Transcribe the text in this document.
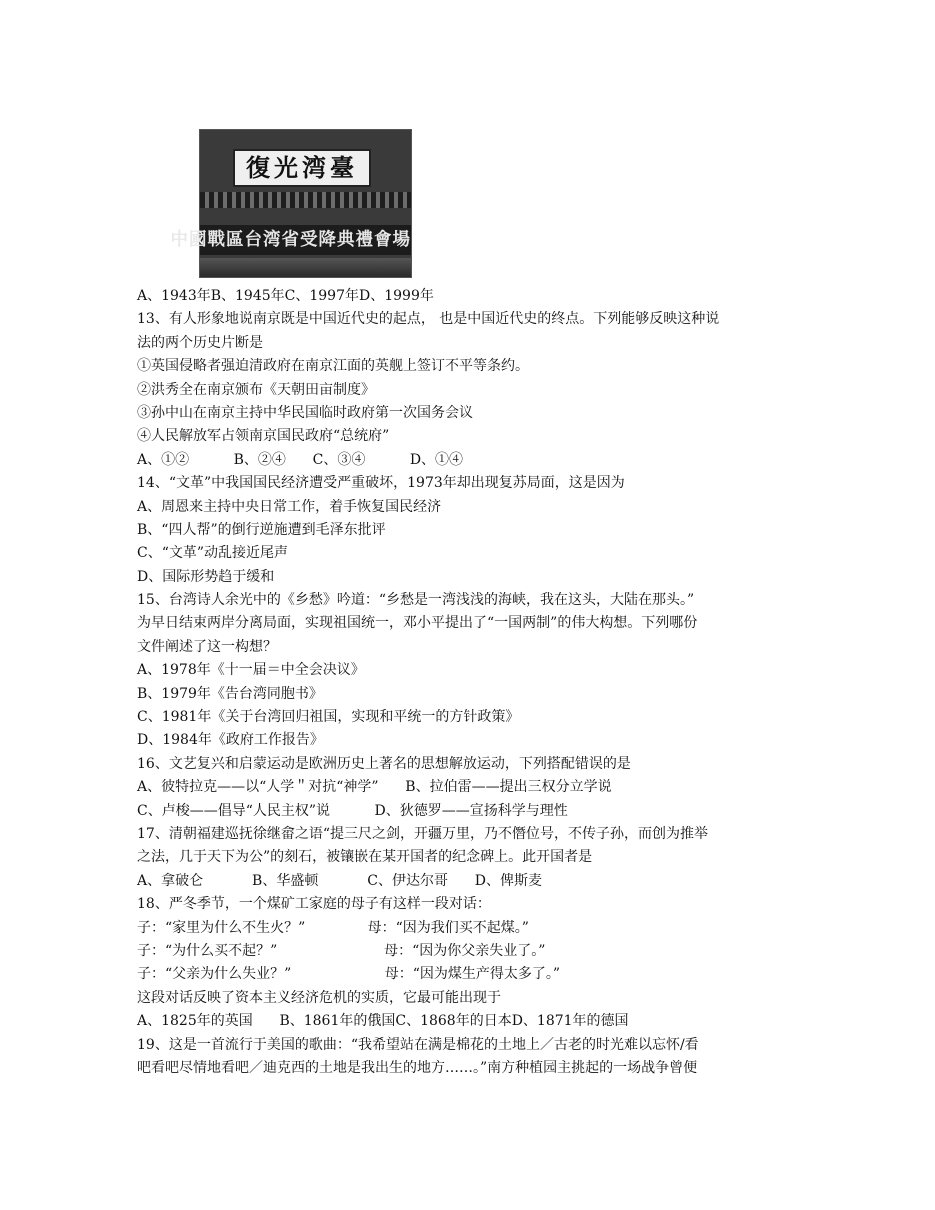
復光湾臺
中國戰區台湾省受降典禮會場
A、1943年B、1945年C、1997年D、1999年
13、有人形象地说南京既是中国近代史的起点， 也是中国近代史的终点。下列能够反映这种说
法的两个历史片断是
①英国侵略者强迫清政府在南京江面的英舰上签订不平等条约。
②洪秀全在南京颁布《天朝田亩制度》
③孙中山在南京主持中华民国临时政府第一次国务会议
④人民解放军占领南京国民政府“总统府”
A、①②          B、②④      C、③④          D、①④
14、“文革”中我国国民经济遭受严重破坏，1973年却出现复苏局面，这是因为
A、周恩来主持中央日常工作，着手恢复国民经济
B、“四人帮”的倒行逆施遭到毛泽东批评
C、“文革”动乱接近尾声
D、国际形势趋于缓和
15、台湾诗人余光中的《乡愁》吟道：“乡愁是一湾浅浅的海峡，我在这头，大陆在那头。”
为早日结束两岸分离局面，实现祖国统一，邓小平提出了“一国两制”的伟大构想。下列哪份
文件阐述了这一构想？
A、1978年《十一届＝中全会决议》
B、1979年《告台湾同胞书》
C、1981年《关于台湾回归祖国，实现和平统一的方针政策》
D、1984年《政府工作报告》
16、文艺复兴和启蒙运动是欧洲历史上著名的思想解放运动，下列搭配错误的是
A、彼特拉克——以“人学＂对抗“神学”      B、拉伯雷——提出三权分立学说
C、卢梭——倡导“人民主权”说          D、狄德罗——宣扬科学与理性
17、清朝福建巡抚徐继畲之语“提三尺之剑，开疆万里，乃不僭位号，不传子孙，而创为推举
之法，几于天下为公”的刻石，被镶嵌在某开国者的纪念碑上。此开国者是
A、拿破仑           B、华盛顿           C、伊达尔哥      D、俾斯麦
18、严冬季节，一个煤矿工家庭的母子有这样一段对话：
子：“家里为什么不生火？”              母：“因为我们买不起煤。”
子：“为什么买不起？”                        母：“因为你父亲失业了。”
子：“父亲为什么失业？”                     母：“因为煤生产得太多了。”
这段对话反映了资本主义经济危机的实质，它最可能出现于
A、1825年的英国      B、1861年的俄国C、1868年的日本D、1871年的德国
19、这是一首流行于美国的歌曲：“我希望站在满是棉花的土地上／古老的时光难以忘怀/看
吧看吧尽情地看吧／迪克西的土地是我出生的地方……。”南方种植园主挑起的一场战争曾便
